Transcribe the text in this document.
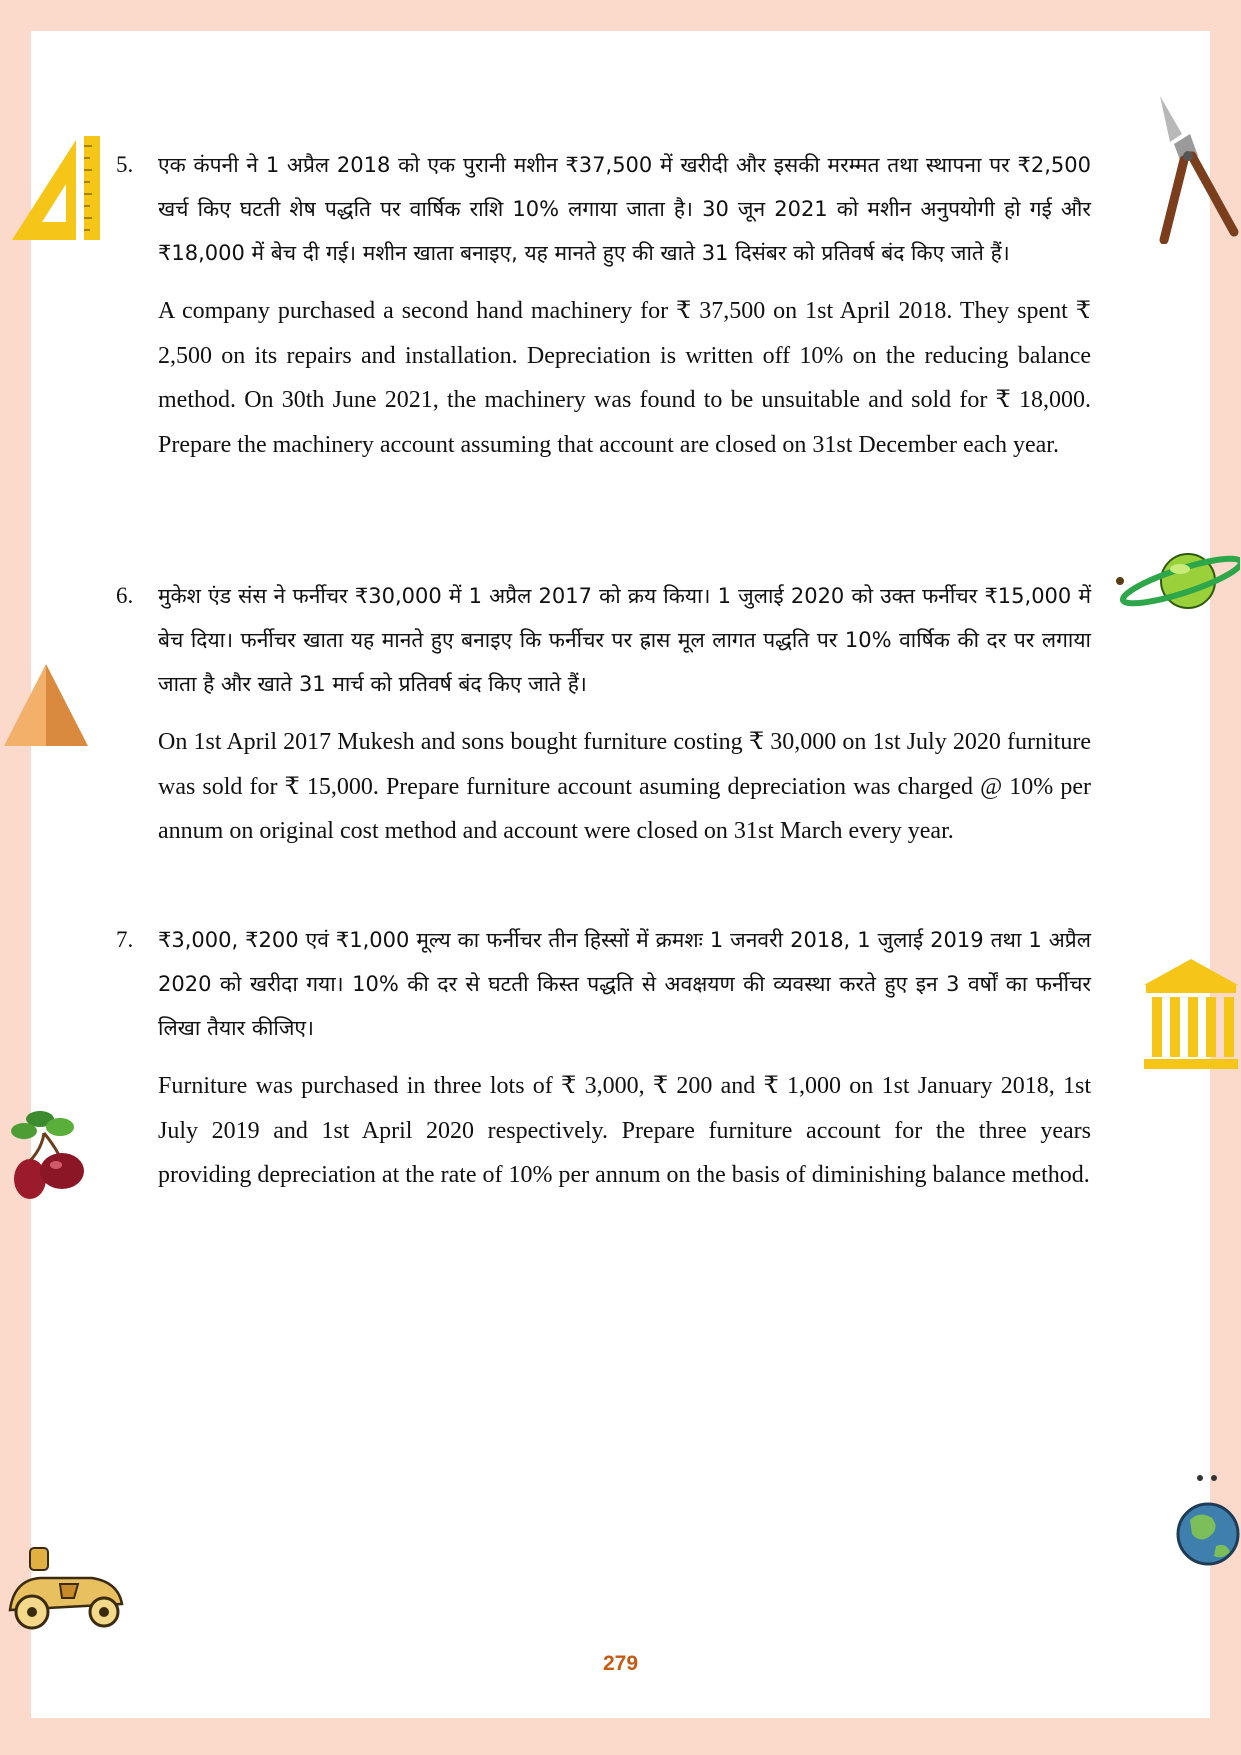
5. एक कंपनी ने 1 अप्रैल 2018 को एक पुरानी मशीन ₹37,500 में खरीदी और इसकी मरम्मत तथा स्थापना पर ₹2,500 खर्च किए घटती शेष पद्धति पर वार्षिक राशि 10% लगाया जाता है। 30 जून 2021 को मशीन अनुपयोगी हो गई और ₹18,000 में बेच दी गई। मशीन खाता बनाइए, यह मानते हुए की खाते 31 दिसंबर को प्रतिवर्ष बंद किए जाते हैं।

A company purchased a second hand machinery for ₹ 37,500 on 1st April 2018. They spent ₹ 2,500 on its repairs and installation. Depreciation is written off 10% on the reducing balance method. On 30th June 2021, the machinery was found to be unsuitable and sold for ₹ 18,000. Prepare the machinery account assuming that account are closed on 31st December each year.

6. मुकेश एंड संस ने फर्नीचर ₹30,000 में 1 अप्रैल 2017 को क्रय किया। 1 जुलाई 2020 को उक्त फर्नीचर ₹15,000 में बेच दिया। फर्नीचर खाता यह मानते हुए बनाइए कि फर्नीचर पर ह्रास मूल लागत पद्धति पर 10% वार्षिक की दर पर लगाया जाता है और खाते 31 मार्च को प्रतिवर्ष बंद किए जाते हैं।

On 1st April 2017 Mukesh and sons bought furniture costing ₹ 30,000 on 1st July 2020 furniture was sold for ₹ 15,000. Prepare furniture account asuming depreciation was charged @ 10% per annum on original cost method and account were closed on 31st March every year.

7. ₹3,000, ₹200 एवं ₹1,000 मूल्य का फर्नीचर तीन हिस्सों में क्रमशः 1 जनवरी 2018, 1 जुलाई 2019 तथा 1 अप्रैल 2020 को खरीदा गया। 10% की दर से घटती किस्त पद्धति से अवक्षयण की व्यवस्था करते हुए इन 3 वर्षों का फर्नीचर लिखा तैयार कीजिए।

Furniture was purchased in three lots of ₹ 3,000, ₹ 200 and ₹ 1,000 on 1st January 2018, 1st July 2019 and 1st April 2020 respectively. Prepare furniture account for the three years providing depreciation at the rate of 10% per annum on the basis of diminishing balance method.

279
